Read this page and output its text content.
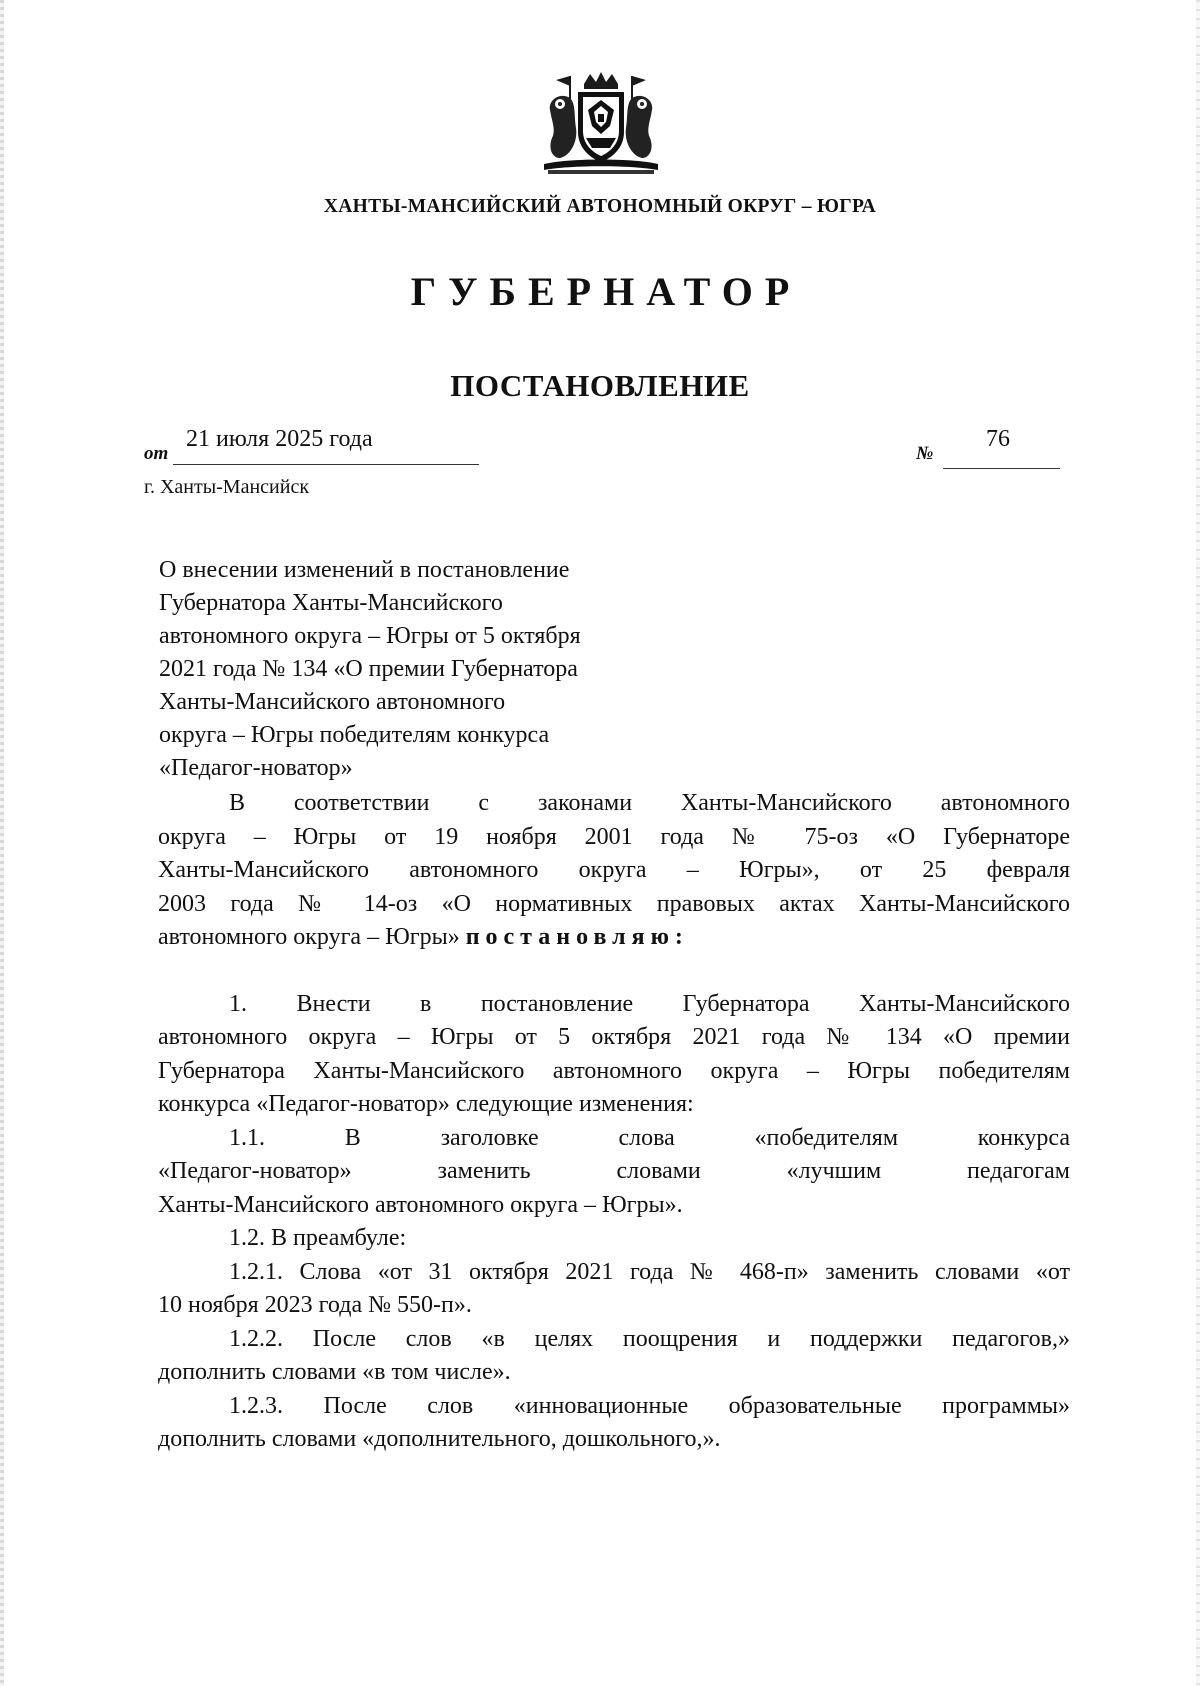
ХАНТЫ-МАНСИЙСКИЙ АВТОНОМНЫЙ ОКРУГ – ЮГРА
ГУБЕРНАТОР
ПОСТАНОВЛЕНИЕ
от
21 июля 2025 года
№
76
г. Ханты-Мансийск
О внесении изменений в постановление
Губернатора Ханты-Мансийского
автономного округа – Югры от 5 октября
2021 года № 134 «О премии Губернатора
Ханты-Мансийского автономного
округа – Югры победителям конкурса
«Педагог-новатор»
В соответствии с законами Ханты-Мансийского автономного
округа – Югры от 19 ноября 2001 года № 75-оз «О Губернаторе
Ханты-Мансийского автономного округа – Югры», от 25 февраля
2003 года № 14-оз «О нормативных правовых актах Ханты-Мансийского
автономного округа – Югры» постановляю:
1. Внести в постановление Губернатора Ханты-Мансийского
автономного округа – Югры от 5 октября 2021 года № 134 «О премии
Губернатора Ханты-Мансийского автономного округа – Югры победителям
конкурса «Педагог-новатор» следующие изменения:
1.1. В заголовке слова «победителям конкурса
«Педагог-новатор» заменить словами «лучшим педагогам
Ханты-Мансийского автономного округа – Югры».
1.2. В преамбуле:
1.2.1. Слова «от 31 октября 2021 года № 468-п» заменить словами «от
10 ноября 2023 года № 550-п».
1.2.2. После слов «в целях поощрения и поддержки педагогов,»
дополнить словами «в том числе».
1.2.3. После слов «инновационные образовательные программы»
дополнить словами «дополнительного, дошкольного,».
